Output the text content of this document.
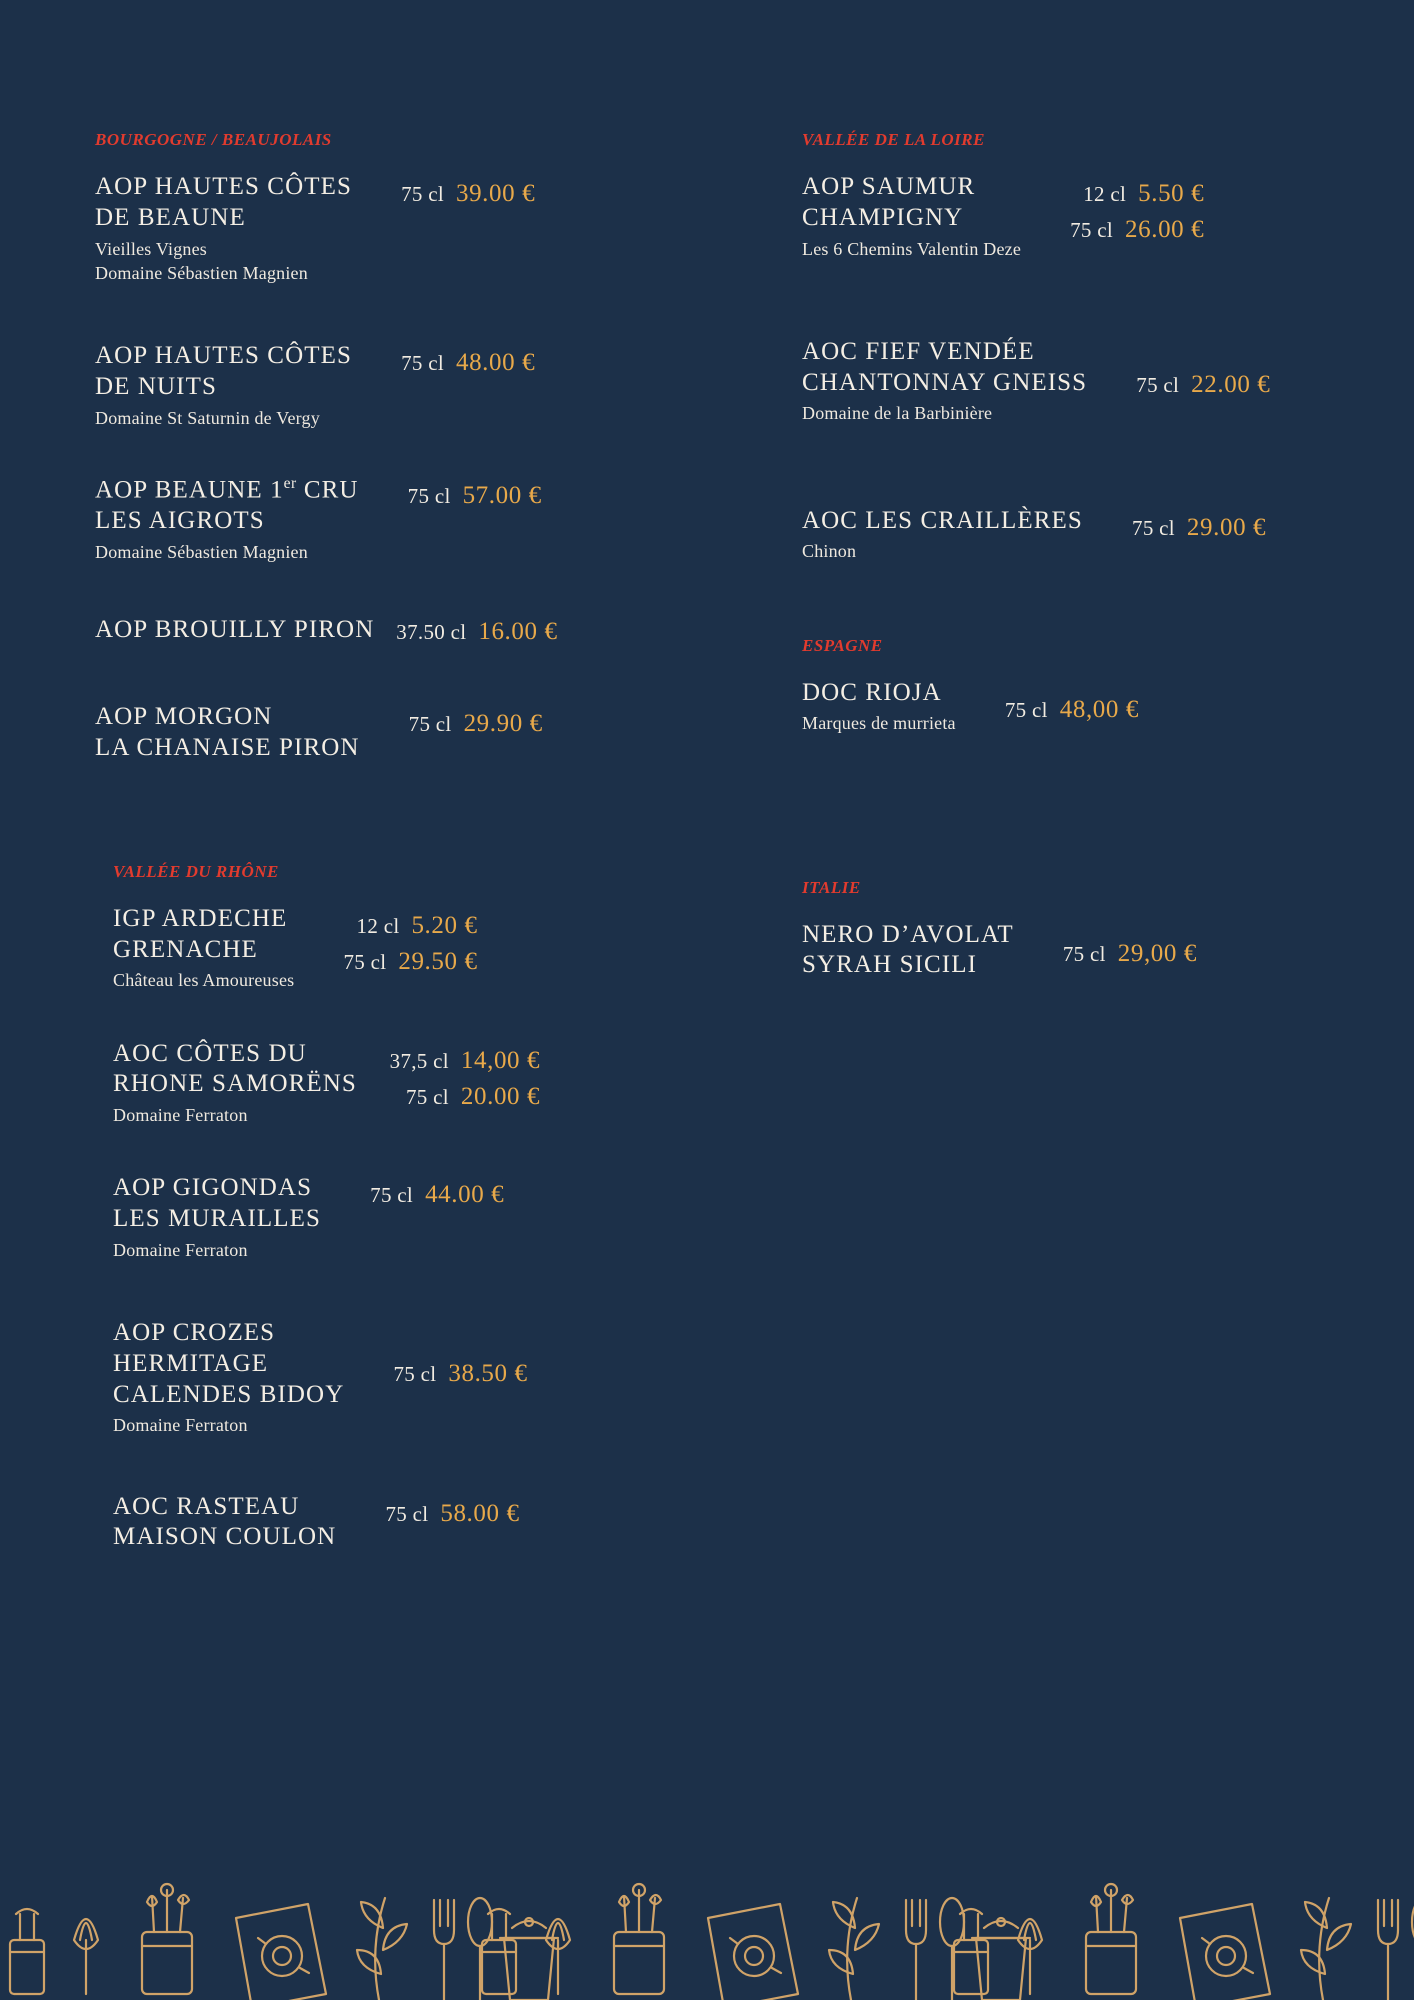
BOURGOGNE / BEAUJOLAIS
AOP HAUTES CÔTES
DE BEAUNE
Vieilles Vignes
Domaine Sébastien Magnien
75 cl 39.00 €
AOP HAUTES CÔTES
DE NUITS
Domaine St Saturnin de Vergy
75 cl 48.00 €
AOP BEAUNE 1er CRU
LES AIGROTS
Domaine Sébastien Magnien
75 cl 57.00 €
AOP BROUILLY PIRON 37.50 cl 16.00 €
AOP MORGON
LA CHANAISE PIRON
75 cl 29.90 €
VALLÉE DU RHÔNE
IGP ARDECHE
GRENACHE
Château les Amoureuses
12 cl 5.20 €
75 cl 29.50 €
AOC CÔTES DU
RHONE SAMORËNS
Domaine Ferraton
37,5 cl 14,00 €
75 cl 20.00 €
AOP GIGONDAS
LES MURAILLES
Domaine Ferraton
75 cl 44.00 €
AOP CROZES
HERMITAGE
CALENDES BIDOY
Domaine Ferraton
75 cl 38.50 €
AOC RASTEAU
MAISON COULON
75 cl 58.00 €
VALLÉE DE LA LOIRE
AOP SAUMUR
CHAMPIGNY
Les 6 Chemins Valentin Deze
12 cl 5.50 €
75 cl 26.00 €
AOC FIEF VENDÉE
CHANTONNAY GNEISS
Domaine de la Barbinière
75 cl 22.00 €
AOC LES CRAILLÈRES
Chinon
75 cl 29.00 €
ESPAGNE
DOC RIOJA
Marques de murrieta
75 cl 48,00 €
ITALIE
NERO D’AVOLAT
SYRAH SICILI	75 cl 29,00 €
